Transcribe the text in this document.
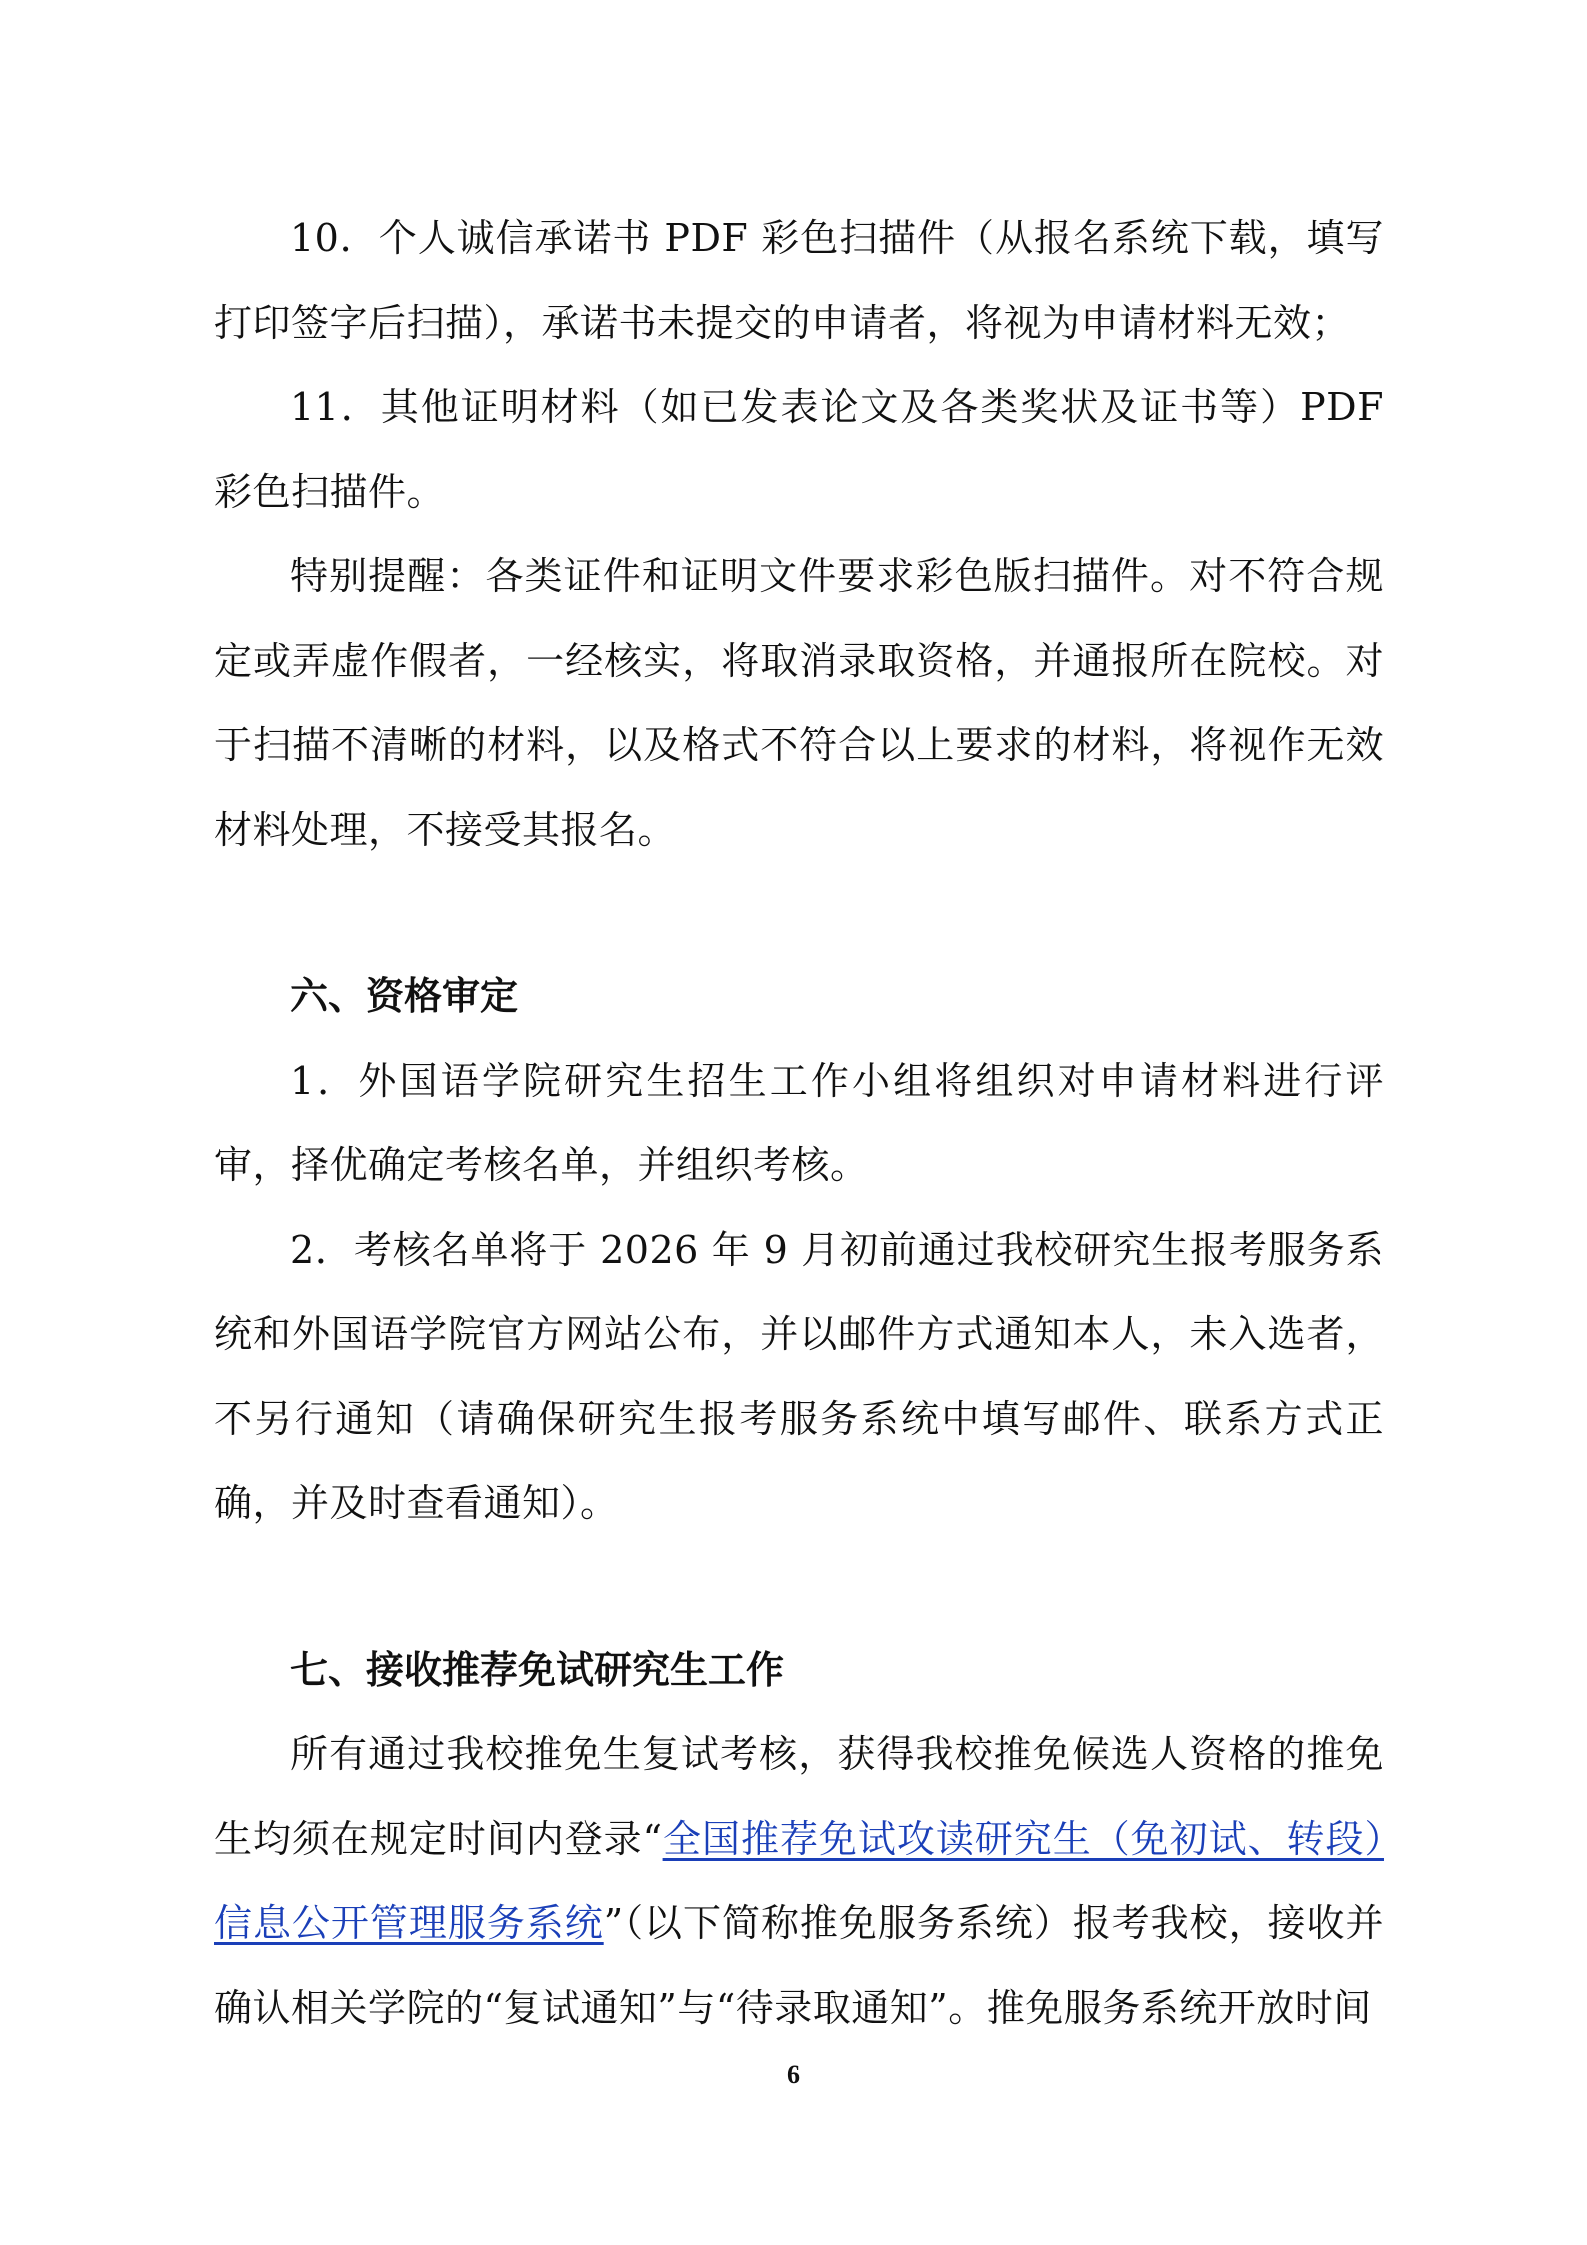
10．个人诚信承诺书 PDF 彩色扫描件（从报名系统下载，填写打印签字后扫描），承诺书未提交的申请者，将视为申请材料无效；

11．其他证明材料（如已发表论文及各类奖状及证书等）PDF 彩色扫描件。

特别提醒：各类证件和证明文件要求彩色版扫描件。对不符合规定或弄虚作假者，一经核实，将取消录取资格，并通报所在院校。对于扫描不清晰的材料，以及格式不符合以上要求的材料，将视作无效材料处理，不接受其报名。

六、资格审定

1．外国语学院研究生招生工作小组将组织对申请材料进行评审，择优确定考核名单，并组织考核。

2．考核名单将于 2026 年 9 月初前通过我校研究生报考服务系统和外国语学院官方网站公布，并以邮件方式通知本人，未入选者，不另行通知（请确保研究生报考服务系统中填写邮件、联系方式正确，并及时查看通知）。

七、接收推荐免试研究生工作

所有通过我校推免生复试考核，获得我校推免候选人资格的推免生均须在规定时间内登录“全国推荐免试攻读研究生（免初试、转段）信息公开管理服务系统”（以下简称推免服务系统）报考我校，接收并确认相关学院的“复试通知”与“待录取通知”。推免服务系统开放时间

6
